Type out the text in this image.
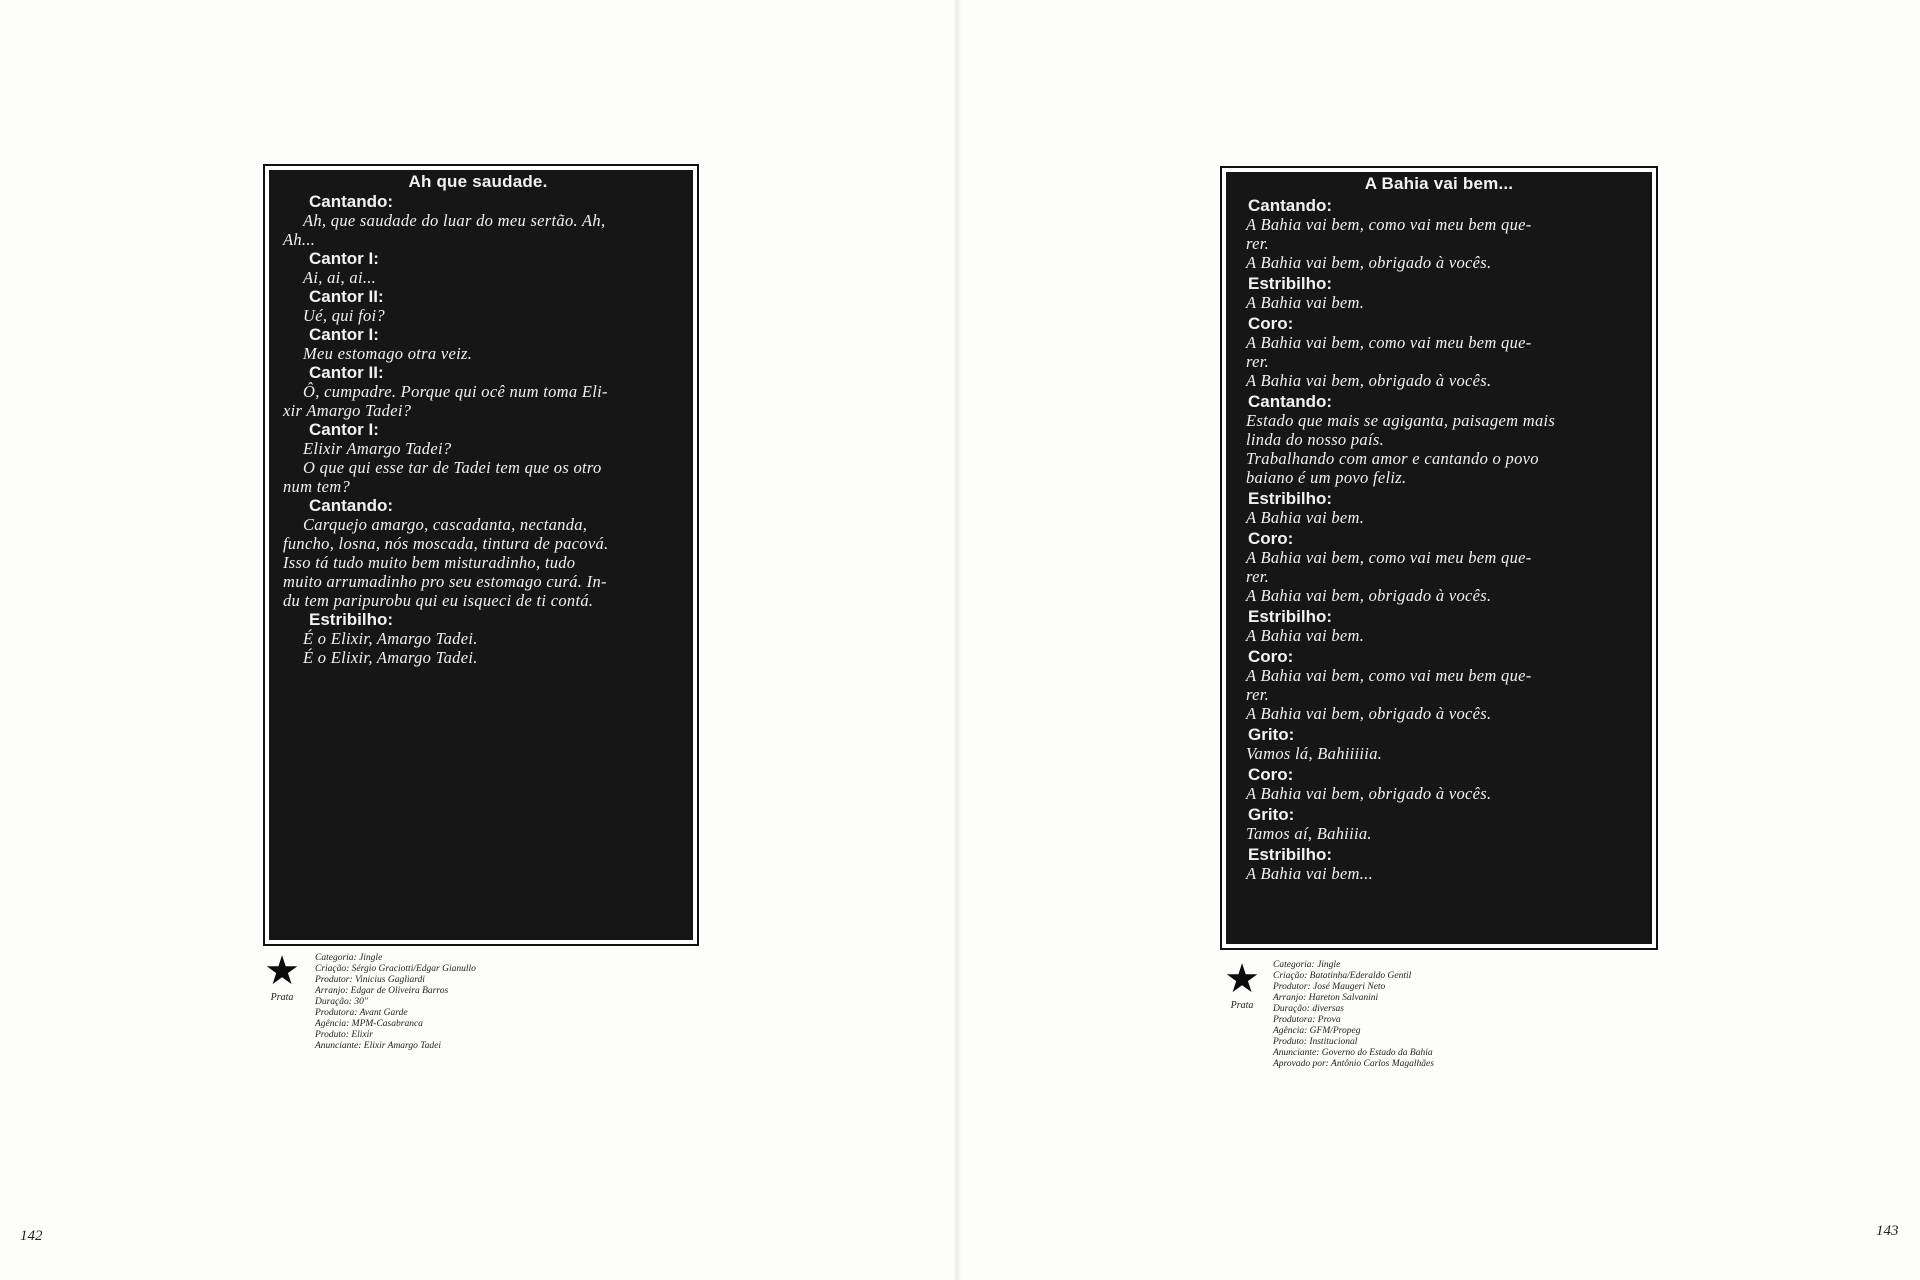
Ah que saudade.

Cantando:

Ah, que saudade do luar do meu sertão. Ah,

Ah...

Cantor I:

Ai, ai, ai...

Cantor II:

Ué, qui foi?

Cantor I:

Meu estomago otra veiz.

Cantor II:

Ô, cumpadre. Porque qui ocê num toma Eli-

xir Amargo Tadei?

Cantor I:

Elixir Amargo Tadei?

O que qui esse tar de Tadei tem que os otro

num tem?

Cantando:

Carquejo amargo, cascadanta, nectanda,

funcho, losna, nós moscada, tintura de pacová.

Isso tá tudo muito bem misturadinho, tudo

muito arrumadinho pro seu estomago curá. In-

du tem paripurobu qui eu isqueci de ti contá.

Estribilho:

É o Elixir, Amargo Tadei.

É o Elixir, Amargo Tadei.

★
Prata

Categoria: Jingle

Criação: Sérgio Graciotti/Edgar Gianullo

Produtor: Vinicius Gagliardi

Arranjo: Edgar de Oliveira Barros

Duração: 30"

Produtora: Avant Garde

Agência: MPM-Casabranca

Produto: Elixir

Anunciante: Elixir Amargo Tadei

142
A Bahia vai bem...

Cantando:

A Bahia vai bem, como vai meu bem que-

rer.

A Bahia vai bem, obrigado à vocês.

Estribilho:

A Bahia vai bem.

Coro:

A Bahia vai bem, como vai meu bem que-

rer.

A Bahia vai bem, obrigado à vocês.

Cantando:

Estado que mais se agiganta, paisagem mais

linda do nosso país.

Trabalhando com amor e cantando o povo

baiano é um povo feliz.

Estribilho:

A Bahia vai bem.

Coro:

A Bahia vai bem, como vai meu bem que-

rer.

A Bahia vai bem, obrigado à vocês.

Estribilho:

A Bahia vai bem.

Coro:

A Bahia vai bem, como vai meu bem que-

rer.

A Bahia vai bem, obrigado à vocês.

Grito:

Vamos lá, Bahiiiiia.

Coro:

A Bahia vai bem, obrigado à vocês.

Grito:

Tamos aí, Bahiiia.

Estribilho:

A Bahia vai bem...

★
Prata

Categoria: Jingle

Criação: Batatinha/Ederaldo Gentil

Produtor: José Maugeri Neto

Arranjo: Hareton Salvanini

Duração: diversas

Produtora: Prova

Agência: GFM/Propeg

Produto: Institucional

Anunciante: Governo do Estado da Bahia

Aprovado por: Antônio Carlos Magalhães

143
